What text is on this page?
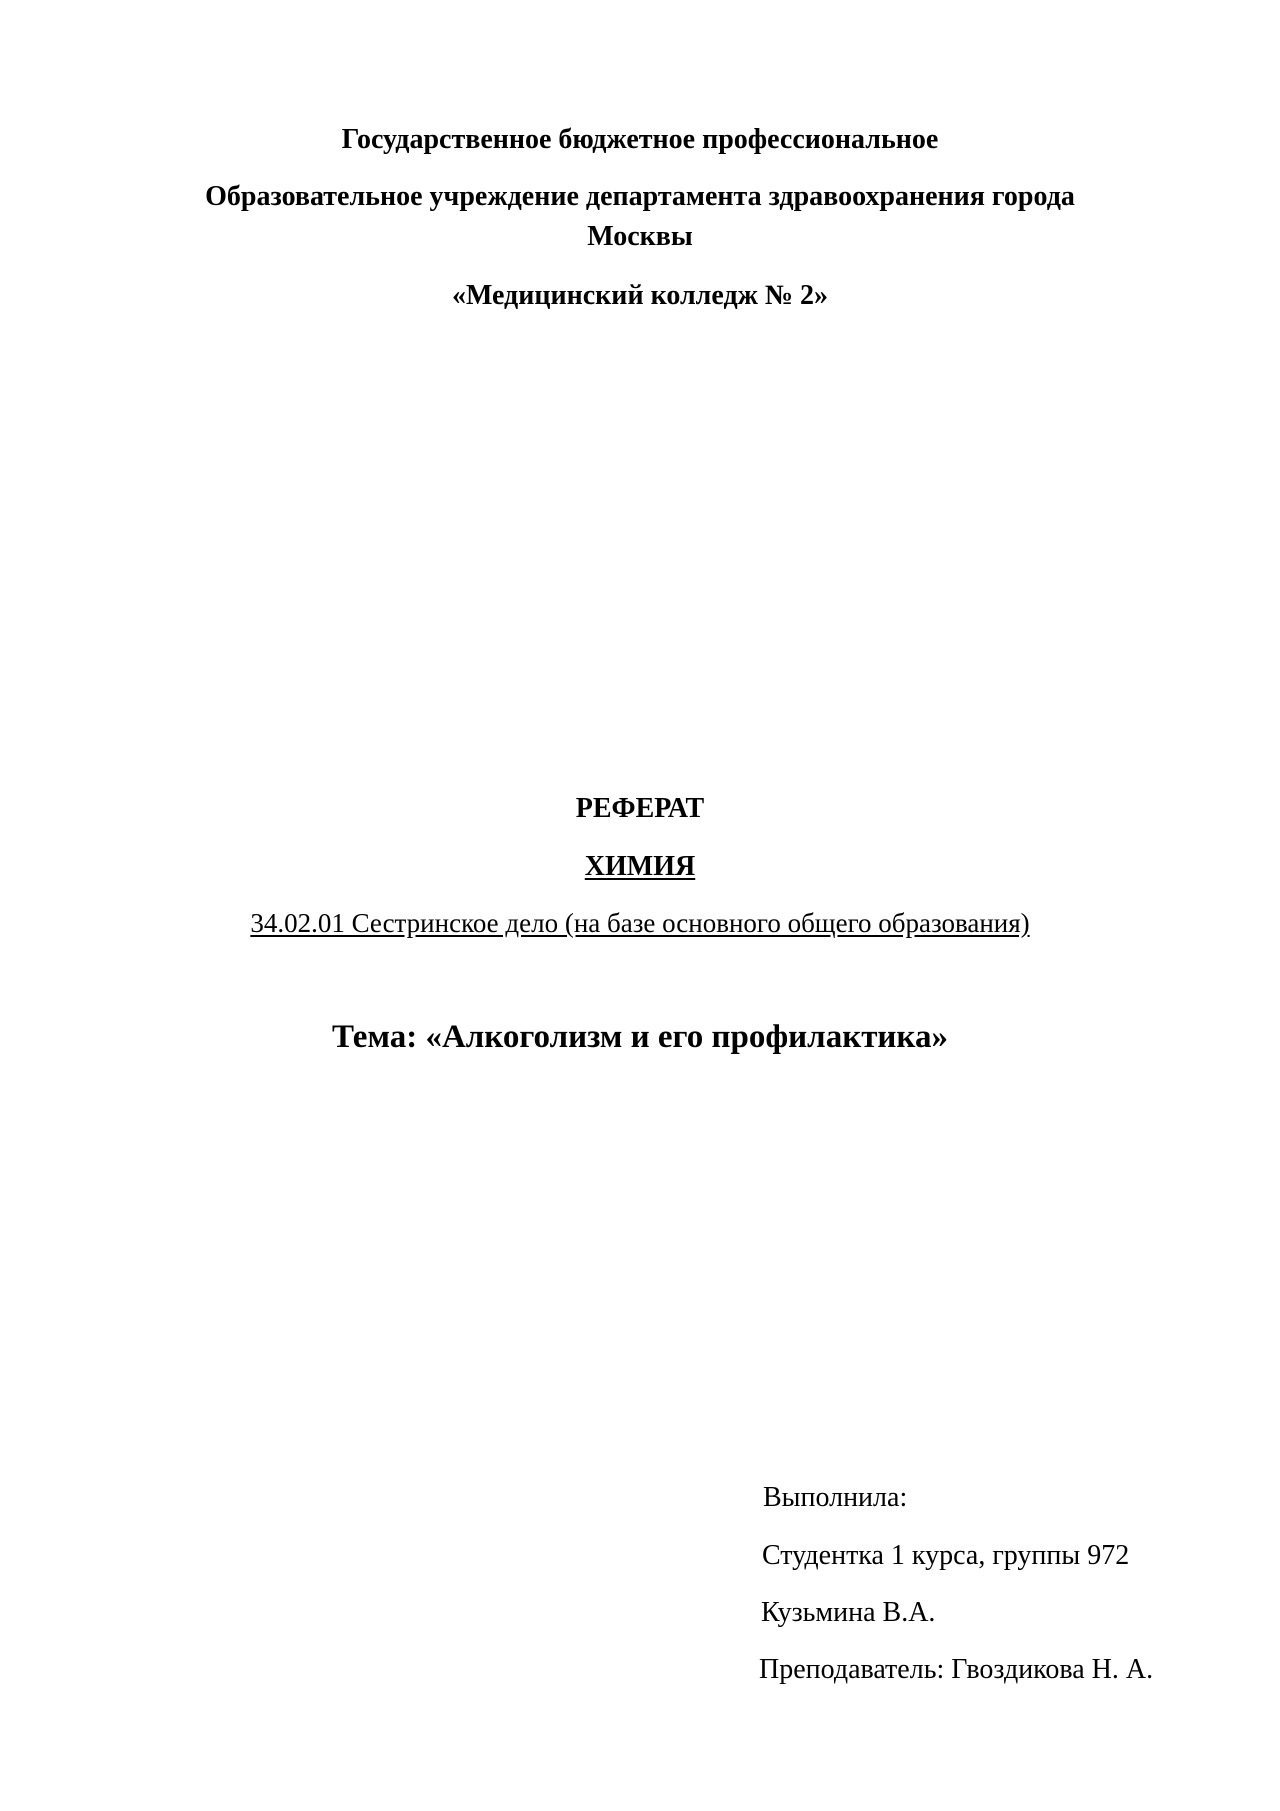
Государственное бюджетное профессиональное
Образовательное учреждение департамента здравоохранения города
Москвы
«Медицинский колледж № 2»
РЕФЕРАТ
ХИМИЯ
34.02.01 Сестринское дело (на базе основного общего образования)
Тема: «Алкоголизм и его профилактика»
Выполнила:
Студентка 1 курса, группы 972
Кузьмина В.А.
Преподаватель: Гвоздикова Н. А.
